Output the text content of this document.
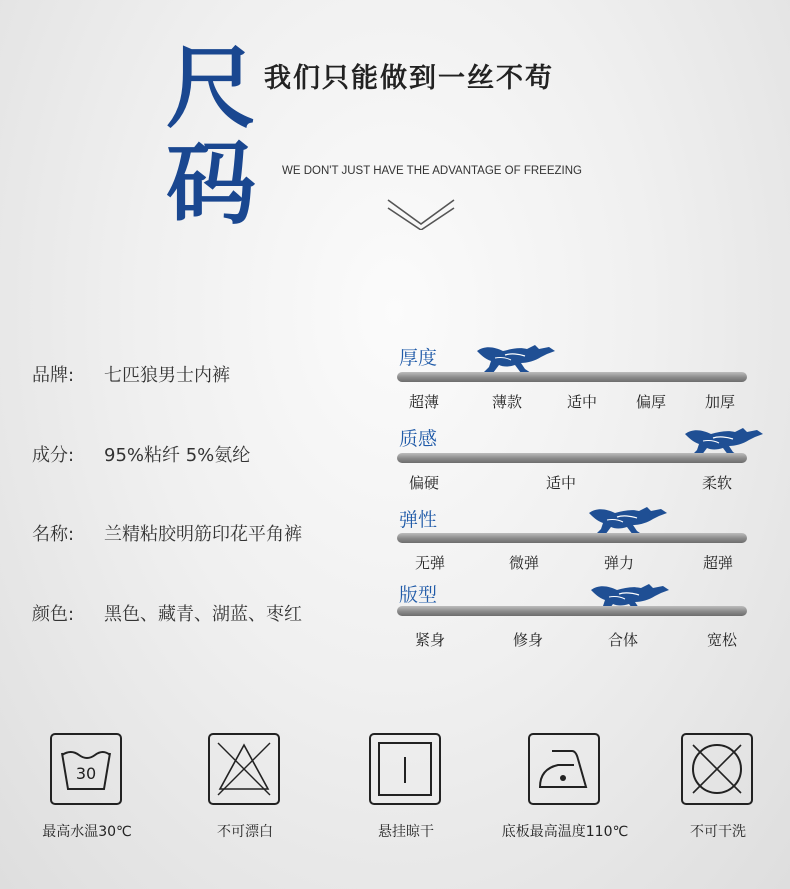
尺
码
我们只能做到一丝不苟
WE DON'T JUST HAVE THE ADVANTAGE OF FREEZING
品牌: 七匹狼男士内裤
成分: 95%粘纤 5%氨纶
名称: 兰精粘胶明筋印花平角裤
颜色: 黑色、藏青、湖蓝、枣红
厚度
超薄	薄款	适中	偏厚	加厚
质感
偏硬	适中	柔软
弹性
无弹	微弹	弹力	超弹
版型
紧身	修身	合体	宽松
30
最高水温30℃	不可漂白	悬挂晾干	底板最高温度110℃	不可干洗
